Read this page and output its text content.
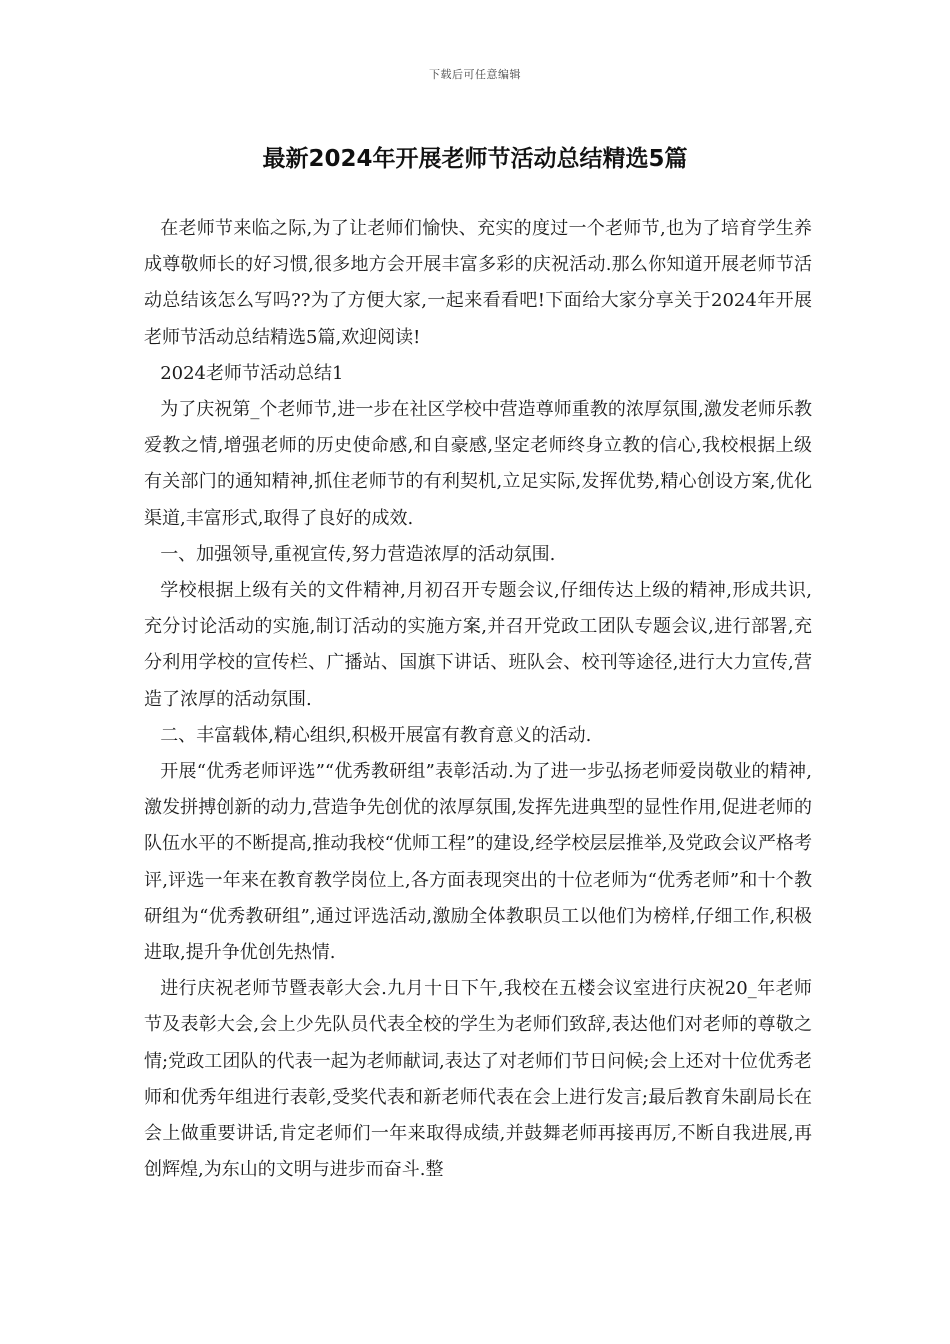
下载后可任意编辑
最新2024年开展老师节活动总结精选5篇

在老师节来临之际,为了让老师们愉快、充实的度过一个老师节,也为了培育学生养成尊敬师长的好习惯,很多地方会开展丰富多彩的庆祝活动.那么你知道开展老师节活动总结该怎么写吗??为了方便大家,一起来看看吧!下面给大家分享关于2024年开展老师节活动总结精选5篇,欢迎阅读!

2024老师节活动总结1

为了庆祝第_个老师节,进一步在社区学校中营造尊师重教的浓厚氛围,激发老师乐教爱教之情,增强老师的历史使命感,和自豪感,坚定老师终身立教的信心,我校根据上级有关部门的通知精神,抓住老师节的有利契机,立足实际,发挥优势,精心创设方案,优化渠道,丰富形式,取得了良好的成效.

一、加强领导,重视宣传,努力营造浓厚的活动氛围.

学校根据上级有关的文件精神,月初召开专题会议,仔细传达上级的精神,形成共识,充分讨论活动的实施,制订活动的实施方案,并召开党政工团队专题会议,进行部署,充分利用学校的宣传栏、广播站、国旗下讲话、班队会、校刊等途径,进行大力宣传,营造了浓厚的活动氛围.

二、丰富载体,精心组织,积极开展富有教育意义的活动.

开展“优秀老师评选”“优秀教研组”表彰活动.为了进一步弘扬老师爱岗敬业的精神,激发拼搏创新的动力,营造争先创优的浓厚氛围,发挥先进典型的显性作用,促进老师的队伍水平的不断提高,推动我校“优师工程”的建设,经学校层层推举,及党政会议严格考评,评选一年来在教育教学岗位上,各方面表现突出的十位老师为“优秀老师”和十个教研组为“优秀教研组”,通过评选活动,激励全体教职员工以他们为榜样,仔细工作,积极进取,提升争优创先热情.

进行庆祝老师节暨表彰大会.九月十日下午,我校在五楼会议室进行庆祝20_年老师节及表彰大会,会上少先队员代表全校的学生为老师们致辞,表达他们对老师的尊敬之情;党政工团队的代表一起为老师献词,表达了对老师们节日问候;会上还对十位优秀老师和优秀年组进行表彰,受奖代表和新老师代表在会上进行发言;最后教育朱副局长在会上做重要讲话,肯定老师们一年来取得成绩,并鼓舞老师再接再厉,不断自我进展,再创辉煌,为东山的文明与进步而奋斗.整
